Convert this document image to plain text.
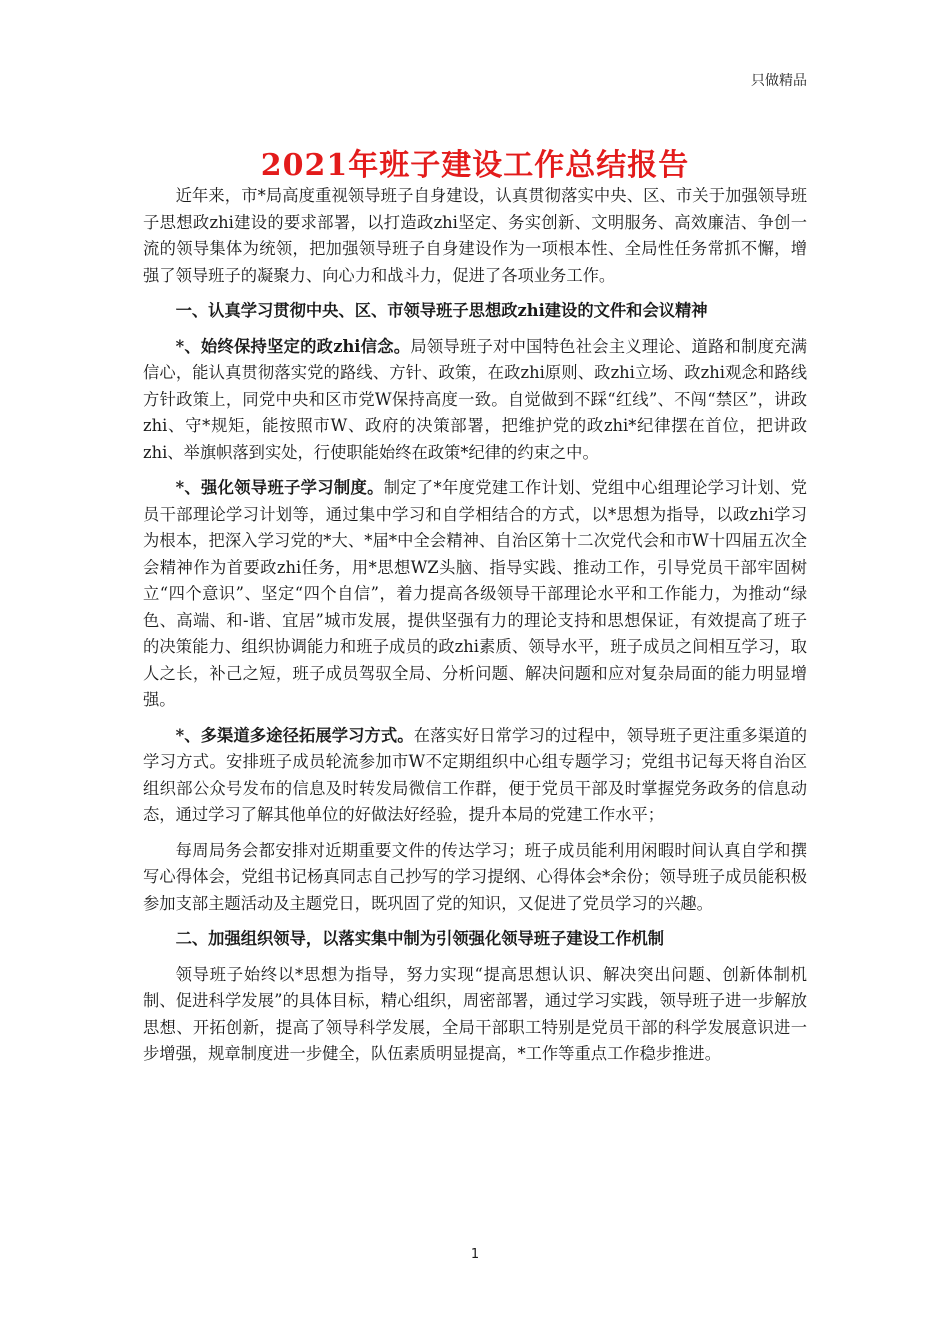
只做精品
2021年班子建设工作总结报告

近年来，市*局高度重视领导班子自身建设，认真贯彻落实中央、区、市关于加强领导班子思想政zhi建设的要求部署，以打造政zhi坚定、务实创新、文明服务、高效廉洁、争创一流的领导集体为统领，把加强领导班子自身建设作为一项根本性、全局性任务常抓不懈，增强了领导班子的凝聚力、向心力和战斗力，促进了各项业务工作。

一、认真学习贯彻中央、区、市领导班子思想政zhi建设的文件和会议精神

*、始终保持坚定的政zhi信念。局领导班子对中国特色社会主义理论、道路和制度充满信心，能认真贯彻落实党的路线、方针、政策，在政zhi原则、政zhi立场、政zhi观念和路线方针政策上，同党中央和区市党W保持高度一致。自觉做到不踩“红线”、不闯“禁区”，讲政zhi、守*规矩，能按照市W、政府的决策部署，把维护党的政zhi*纪律摆在首位，把讲政zhi、举旗帜落到实处，行使职能始终在政策*纪律的约束之中。

*、强化领导班子学习制度。制定了*年度党建工作计划、党组中心组理论学习计划、党员干部理论学习计划等，通过集中学习和自学相结合的方式，以*思想为指导，以政zhi学习为根本，把深入学习党的*大、*届*中全会精神、自治区第十二次党代会和市W十四届五次全会精神作为首要政zhi任务，用*思想WZ头脑、指导实践、推动工作，引导党员干部牢固树立“四个意识”、坚定“四个自信”，着力提高各级领导干部理论水平和工作能力，为推动“绿色、高端、和-谐、宜居”城市发展，提供坚强有力的理论支持和思想保证，有效提高了班子的决策能力、组织协调能力和班子成员的政zhi素质、领导水平，班子成员之间相互学习，取人之长，补己之短，班子成员驾驭全局、分析问题、解决问题和应对复杂局面的能力明显增强。

*、多渠道多途径拓展学习方式。在落实好日常学习的过程中，领导班子更注重多渠道的学习方式。安排班子成员轮流参加市W不定期组织中心组专题学习；党组书记每天将自治区组织部公众号发布的信息及时转发局微信工作群，便于党员干部及时掌握党务政务的信息动态，通过学习了解其他单位的好做法好经验，提升本局的党建工作水平；

每周局务会都安排对近期重要文件的传达学习；班子成员能利用闲暇时间认真自学和撰写心得体会，党组书记杨真同志自己抄写的学习提纲、心得体会*余份；领导班子成员能积极参加支部主题活动及主题党日，既巩固了党的知识，又促进了党员学习的兴趣。

二、加强组织领导，以落实集中制为引领强化领导班子建设工作机制

领导班子始终以*思想为指导，努力实现“提高思想认识、解决突出问题、创新体制机制、促进科学发展”的具体目标，精心组织，周密部署，通过学习实践，领导班子进一步解放思想、开拓创新，提高了领导科学发展，全局干部职工特别是党员干部的科学发展意识进一步增强，规章制度进一步健全，队伍素质明显提高，*工作等重点工作稳步推进。

1
